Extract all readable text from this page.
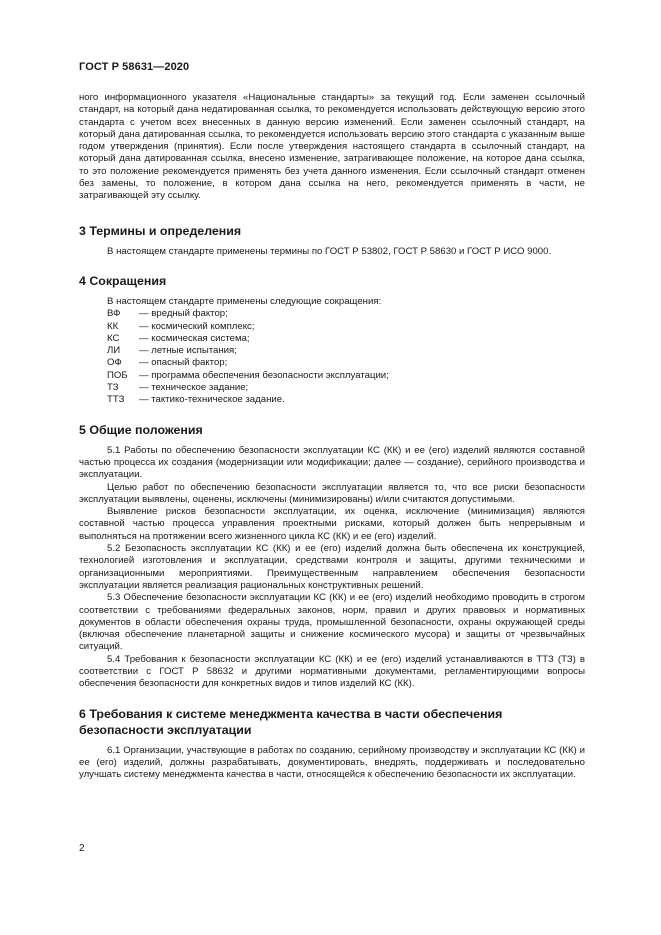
ГОСТ Р 58631—2020

ного информационного указателя «Национальные стандарты» за текущий год. Если заменен ссылочный стандарт, на который дана недатированная ссылка, то рекомендуется использовать действующую версию этого стандарта с учетом всех внесенных в данную версию изменений. Если заменен ссылочный стандарт, на который дана датированная ссылка, то рекомендуется использовать версию этого стандарта с указанным выше годом утверждения (принятия). Если после утверждения настоящего стандарта в ссылочный стандарт, на который дана датированная ссылка, внесено изменение, затрагивающее положение, на которое дана ссылка, то это положение рекомендуется применять без учета данного изменения. Если ссылочный стандарт отменен без замены, то положение, в котором дана ссылка на него, рекомендуется применять в части, не затрагивающей эту ссылку.

3 Термины и определения

В настоящем стандарте применены термины по ГОСТ Р 53802, ГОСТ Р 58630 и ГОСТ Р ИСО 9000.

4 Сокращения

В настоящем стандарте применены следующие сокращения:

ВФ	— вредный фактор;
КК	— космический комплекс;
КС	— космическая система;
ЛИ	— летные испытания;
ОФ	— опасный фактор;
ПОБ	— программа обеспечения безопасности эксплуатации;
ТЗ	— техническое задание;
ТТЗ	— тактико-техническое задание.
5 Общие положения

5.1 Работы по обеспечению безопасности эксплуатации КС (КК) и ее (его) изделий являются составной частью процесса их создания (модернизации или модификации; далее — создание), серийного производства и эксплуатации.

Целью работ по обеспечению безопасности эксплуатации является то, что все риски безопасности эксплуатации выявлены, оценены, исключены (минимизированы) и/или считаются допустимыми.

Выявление рисков безопасности эксплуатации, их оценка, исключение (минимизация) являются составной частью процесса управления проектными рисками, который должен быть непрерывным и выполняться на протяжении всего жизненного цикла КС (КК) и ее (его) изделий.

5.2 Безопасность эксплуатации КС (КК) и ее (его) изделий должна быть обеспечена их конструкцией, технологией изготовления и эксплуатации, средствами контроля и защиты, другими техническими и организационными мероприятиями. Преимущественным направлением обеспечения безопасности эксплуатации является реализация рациональных конструктивных решений.

5.3 Обеспечение безопасности эксплуатации КС (КК) и ее (его) изделий необходимо проводить в строгом соответствии с требованиями федеральных законов, норм, правил и других правовых и нормативных документов в области обеспечения охраны труда, промышленной безопасности, охраны окружающей среды (включая обеспечение планетарной защиты и снижение космического мусора) и защиты от чрезвычайных ситуаций.

5.4 Требования к безопасности эксплуатации КС (КК) и ее (его) изделий устанавливаются в ТТЗ (ТЗ) в соответствии с ГОСТ Р 58632 и другими нормативными документами, регламентирующими вопросы обеспечения безопасности для конкретных видов и типов изделий КС (КК).

6 Требования к системе менеджмента качества в части обеспечения
безопасности эксплуатации

6.1 Организации, участвующие в работах по созданию, серийному производству и эксплуатации КС (КК) и ее (его) изделий, должны разрабатывать, документировать, внедрять, поддерживать и последовательно улучшать систему менеджмента качества в части, относящейся к обеспечению безопасности их эксплуатации.

2
